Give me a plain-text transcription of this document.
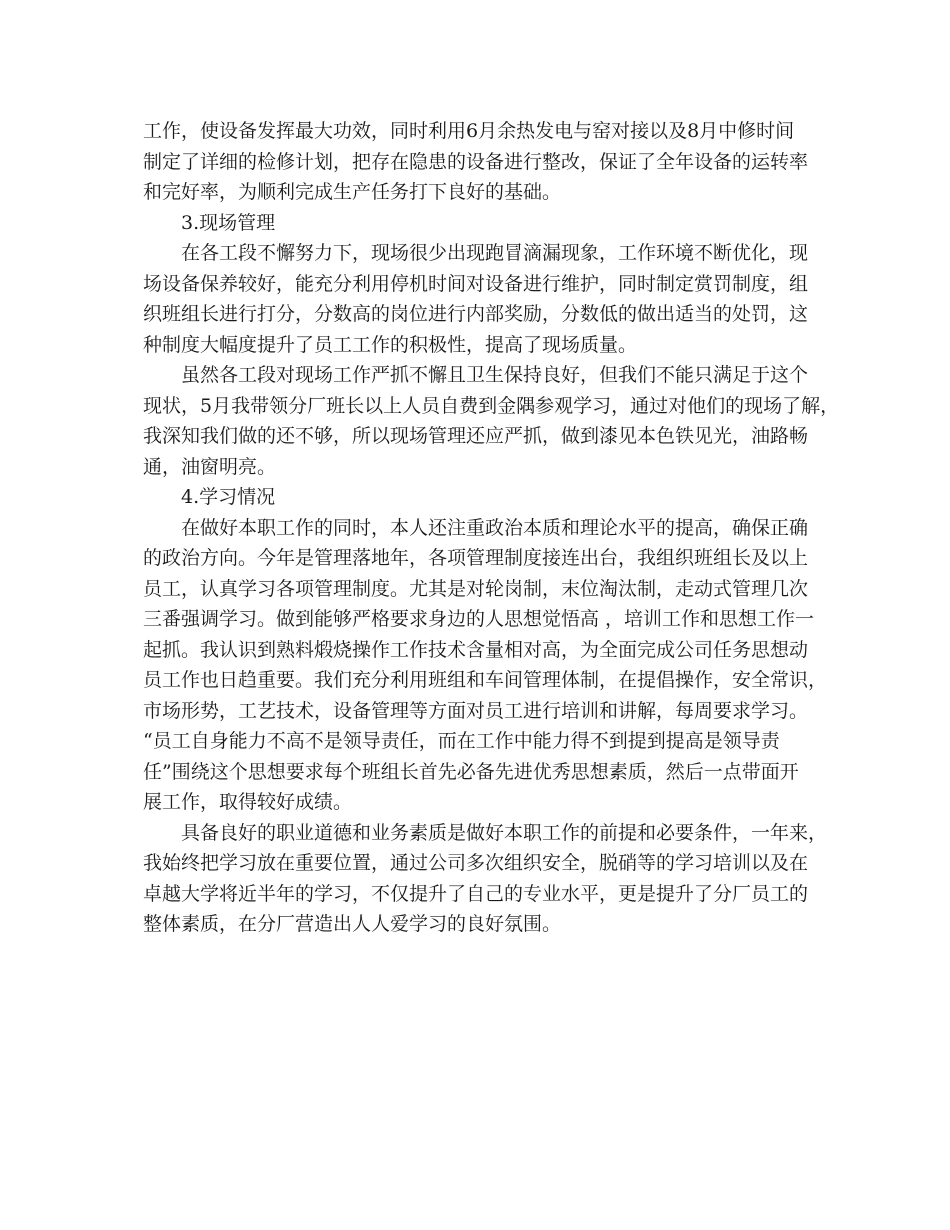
工作，使设备发挥最大功效，同时利用6月余热发电与窑对接以及8月中修时间
制定了详细的检修计划，把存在隐患的设备进行整改，保证了全年设备的运转率
和完好率，为顺利完成生产任务打下良好的基础。

3.现场管理

在各工段不懈努力下，现场很少出现跑冒滴漏现象，工作环境不断优化，现
场设备保养较好，能充分利用停机时间对设备进行维护，同时制定赏罚制度，组
织班组长进行打分，分数高的岗位进行内部奖励，分数低的做出适当的处罚，这
种制度大幅度提升了员工工作的积极性，提高了现场质量。

虽然各工段对现场工作严抓不懈且卫生保持良好，但我们不能只满足于这个
现状，5月我带领分厂班长以上人员自费到金隅参观学习，通过对他们的现场了解，
我深知我们做的还不够，所以现场管理还应严抓，做到漆见本色铁见光，油路畅
通，油窗明亮。

4.学习情况

在做好本职工作的同时，本人还注重政治本质和理论水平的提高，确保正确
的政治方向。今年是管理落地年，各项管理制度接连出台，我组织班组长及以上
员工，认真学习各项管理制度。尤其是对轮岗制，末位淘汰制，走动式管理几次
三番强调学习。做到能够严格要求身边的人思想觉悟高 ，培训工作和思想工作一
起抓。我认识到熟料煅烧操作工作技术含量相对高，为全面完成公司任务思想动
员工作也日趋重要。我们充分利用班组和车间管理体制，在提倡操作，安全常识，
市场形势，工艺技术，设备管理等方面对员工进行培训和讲解，每周要求学习。
“员工自身能力不高不是领导责任，而在工作中能力得不到提到提高是领导责
任”围绕这个思想要求每个班组长首先必备先进优秀思想素质，然后一点带面开
展工作，取得较好成绩。

具备良好的职业道德和业务素质是做好本职工作的前提和必要条件，一年来，
我始终把学习放在重要位置，通过公司多次组织安全，脱硝等的学习培训以及在
卓越大学将近半年的学习，不仅提升了自己的专业水平，更是提升了分厂员工的
整体素质，在分厂营造出人人爱学习的良好氛围。
